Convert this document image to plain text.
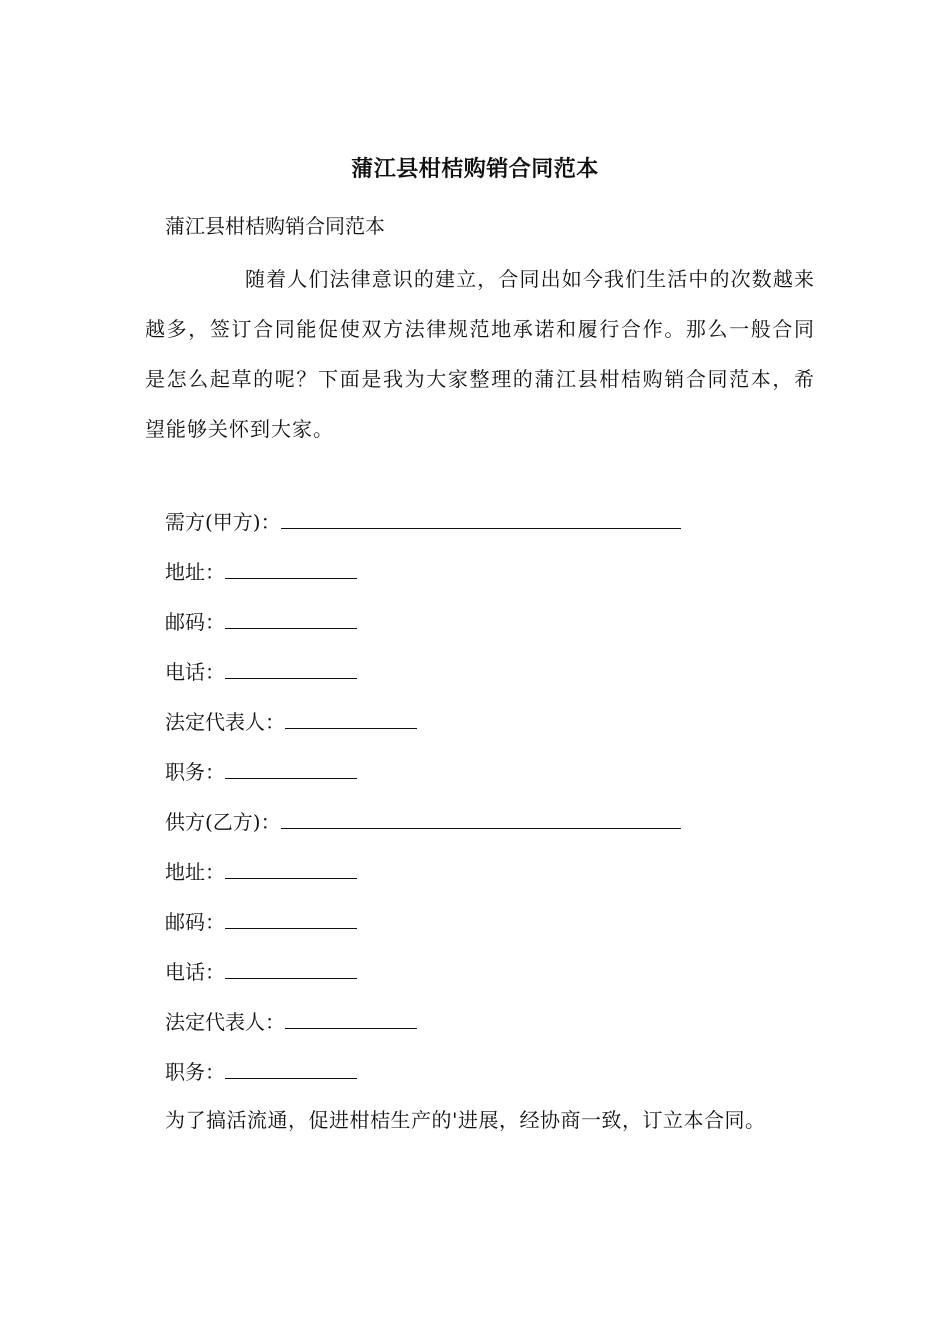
蒲江县柑桔购销合同范本
蒲江县柑桔购销合同范本
随着人们法律意识的建立，合同出如今我们生活中的次数越来越多，签订合同能促使双方法律规范地承诺和履行合作。那么一般合同是怎么起草的呢？下面是我为大家整理的蒲江县柑桔购销合同范本，希望能够关怀到大家。
需方(甲方)：
地址：
邮码：
电话：
法定代表人：
职务：
供方(乙方)：
地址：
邮码：
电话：
法定代表人：
职务：
为了搞活流通，促进柑桔生产的'进展，经协商一致，订立本合同。
